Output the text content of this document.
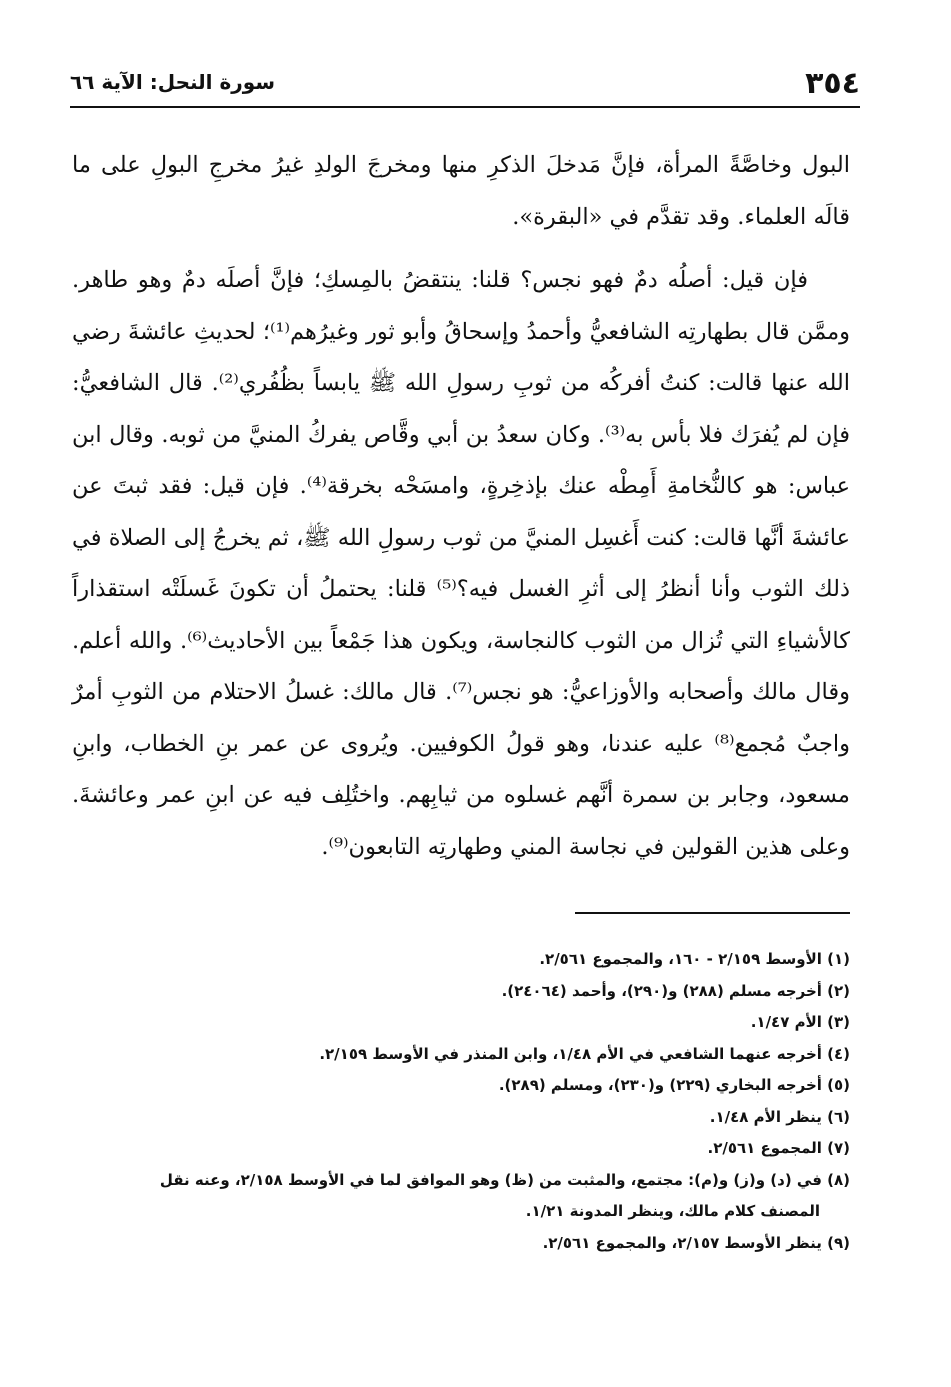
٣٥٤
سورة النحل: الآية ٦٦

البول وخاصَّةً المرأة، فإنَّ مَدخلَ الذكرِ منها ومخرجَ الولدِ غيرُ مخرجِ البولِ على ما قالَه العلماء. وقد تقدَّم في «البقرة».

فإن قيل: أصلُه دمٌ فهو نجس؟ قلنا: ينتقضُ بالمِسكِ؛ فإنَّ أصلَه دمٌ وهو طاهر. وممَّن قال بطهارتِه الشافعيُّ وأحمدُ وإسحاقُ وأبو ثور وغيرُهم⁽¹⁾؛ لحديثِ عائشةَ رضي الله عنها قالت: كنتُ أفركُه من ثوبِ رسولِ الله ﷺ يابساً بظُفُري⁽²⁾. قال الشافعيُّ: فإن لم يُفرَك فلا بأس به⁽³⁾. وكان سعدُ بن أبي وقَّاص يفركُ المنيَّ من ثوبه. وقال ابن عباس: هو كالنُّخامةِ أَمِطْه عنك بإذخِرةٍ، وامسَحْه بخرقة⁽⁴⁾. فإن قيل: فقد ثبتَ عن عائشةَ أنَّها قالت: كنت أَغسِل المنيَّ من ثوب رسولِ الله ﷺ، ثم يخرجُ إلى الصلاة في ذلك الثوب وأنا أنظرُ إلى أثرِ الغسل فيه؟⁽⁵⁾ قلنا: يحتملُ أن تكونَ غَسلَتْه استقذاراً كالأشياءِ التي تُزال من الثوب كالنجاسة، ويكون هذا جَمْعاً بين الأحاديث⁽⁶⁾. والله أعلم. وقال مالك وأصحابه والأوزاعيُّ: هو نجس⁽⁷⁾. قال مالك: غسلُ الاحتلام من الثوبِ أمرٌ واجبٌ مُجمع⁽⁸⁾ عليه عندنا، وهو قولُ الكوفيين. ويُروى عن عمر بنِ الخطاب، وابنِ مسعود، وجابر بن سمرة أنَّهم غسلوه من ثيابِهم. واختُلِف فيه عن ابنِ عمر وعائشةَ. وعلى هذين القولين في نجاسة المني وطهارتِه التابعون⁽⁹⁾.

(١) الأوسط ٢/١٥٩ - ١٦٠، والمجموع ٢/٥٦١.
(٢) أخرجه مسلم (٢٨٨) و(٢٩٠)، وأحمد (٢٤٠٦٤).
(٣) الأم ١/٤٧.
(٤) أخرجه عنهما الشافعي في الأم ١/٤٨، وابن المنذر في الأوسط ٢/١٥٩.
(٥) أخرجه البخاري (٢٢٩) و(٢٣٠)، ومسلم (٢٨٩).
(٦) ينظر الأم ١/٤٨.
(٧) المجموع ٢/٥٦١.
(٨) في (د) و(ز) و(م): مجتمع، والمثبت من (ظ) وهو الموافق لما في الأوسط ٢/١٥٨، وعنه نقل
المصنف كلام مالك، وينظر المدونة ١/٢١.
(٩) ينظر الأوسط ٢/١٥٧، والمجموع ٢/٥٦١.
